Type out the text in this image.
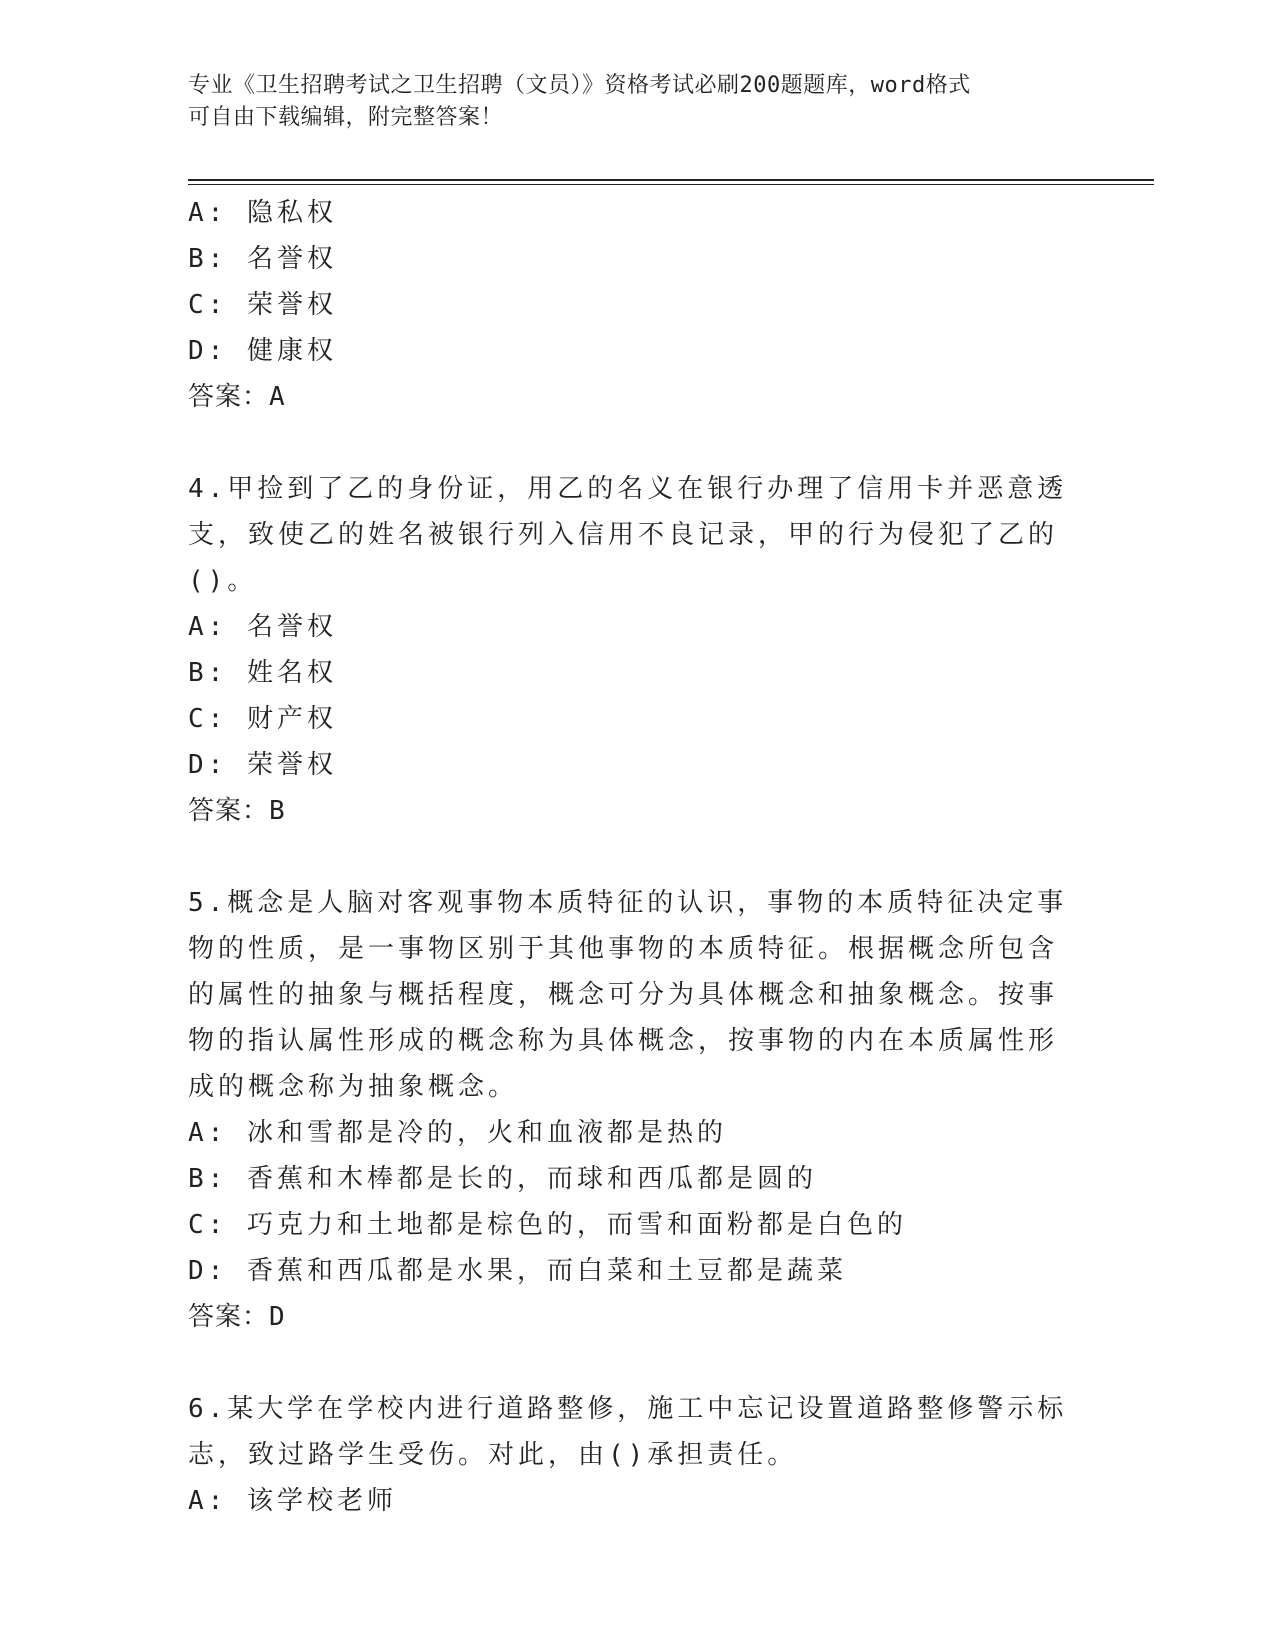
专业《卫生招聘考试之卫生招聘（文员）》资格考试必刷200题题库，word格式
可自由下载编辑，附完整答案！
A: 隐私权
B: 名誉权
C: 荣誉权
D: 健康权
答案：A
4.甲捡到了乙的身份证，用乙的名义在银行办理了信用卡并恶意透支，致使乙的姓名被银行列入信用不良记录，甲的行为侵犯了乙的()。
A: 名誉权
B: 姓名权
C: 财产权
D: 荣誉权
答案：B
5.概念是人脑对客观事物本质特征的认识，事物的本质特征决定事物的性质，是一事物区别于其他事物的本质特征。根据概念所包含的属性的抽象与概括程度，概念可分为具体概念和抽象概念。按事物的指认属性形成的概念称为具体概念，按事物的内在本质属性形成的概念称为抽象概念。
A: 冰和雪都是冷的，火和血液都是热的
B: 香蕉和木棒都是长的，而球和西瓜都是圆的
C: 巧克力和土地都是棕色的，而雪和面粉都是白色的
D: 香蕉和西瓜都是水果，而白菜和土豆都是蔬菜
答案：D
6.某大学在学校内进行道路整修，施工中忘记设置道路整修警示标志，致过路学生受伤。对此，由()承担责任。
A: 该学校老师
